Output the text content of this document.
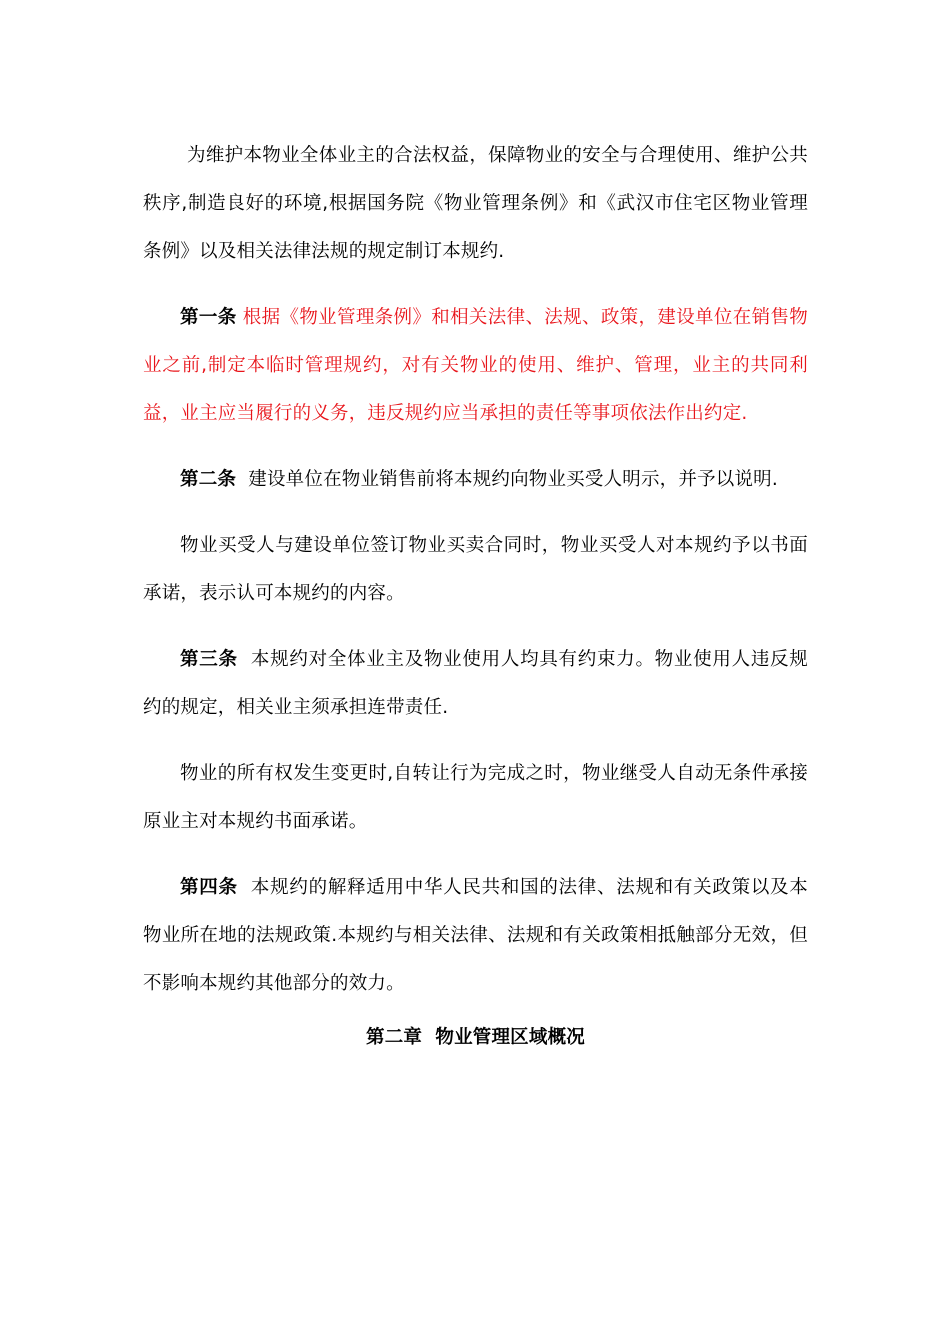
为维护本物业全体业主的合法权益，保障物业的安全与合理使用、维护公共秩序,制造良好的环境,根据国务院《物业管理条例》和《武汉市住宅区物业管理条例》以及相关法律法规的规定制订本规约.

第一条 根据《物业管理条例》和相关法律、法规、政策，建设单位在销售物业之前,制定本临时管理规约，对有关物业的使用、维护、管理，业主的共同利益，业主应当履行的义务，违反规约应当承担的责任等事项依法作出约定.

第二条 建设单位在物业销售前将本规约向物业买受人明示，并予以说明.

物业买受人与建设单位签订物业买卖合同时，物业买受人对本规约予以书面承诺，表示认可本规约的内容。

第三条 本规约对全体业主及物业使用人均具有约束力。物业使用人违反规约的规定，相关业主须承担连带责任.

物业的所有权发生变更时,自转让行为完成之时，物业继受人自动无条件承接原业主对本规约书面承诺。

第四条 本规约的解释适用中华人民共和国的法律、法规和有关政策以及本物业所在地的法规政策.本规约与相关法律、法规和有关政策相抵触部分无效，但不影响本规约其他部分的效力。

第二章  物业管理区域概况
